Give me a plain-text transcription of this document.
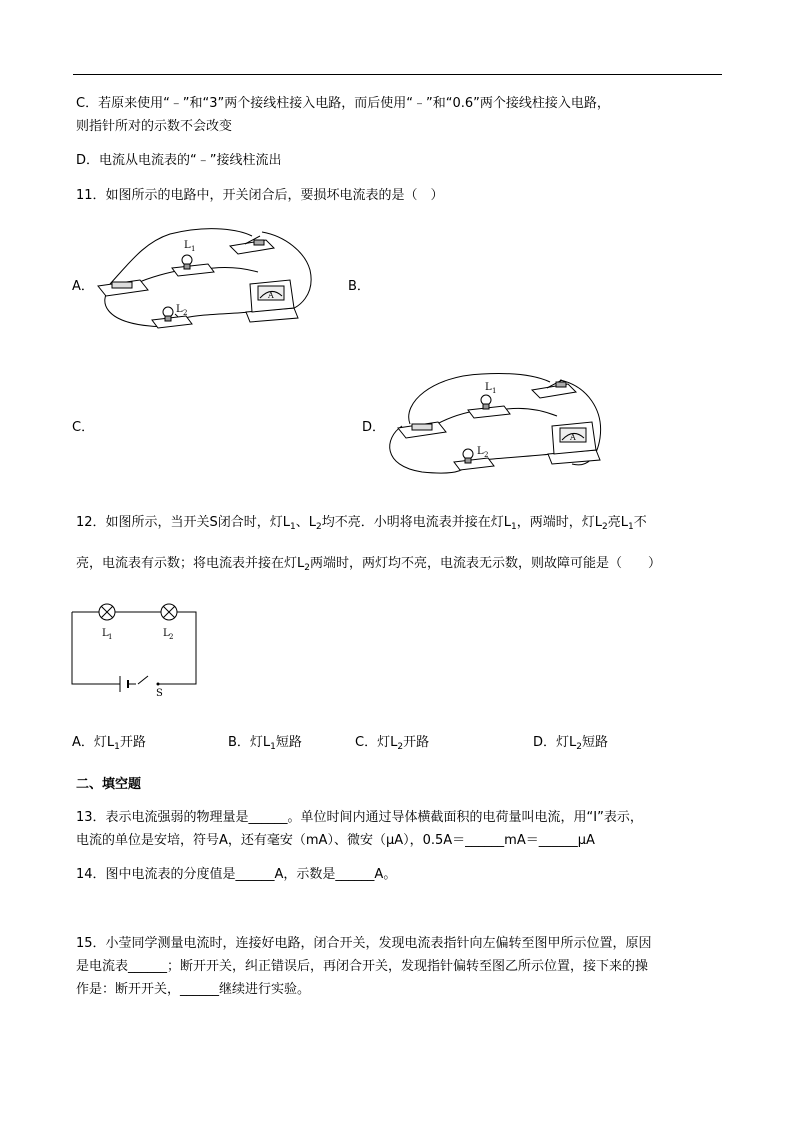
C．若原来使用“﹣”和“3”两个接线柱接入电路，而后使用“﹣”和“0.6”两个接线柱接入电路，
则指针所对的示数不会改变
D．电流从电流表的“﹣”接线柱流出
11．如图所示的电路中，开关闭合后，要损坏电流表的是（　）
A．	B．
C．	D．
L 1
L 2
A
L 1
L 2
A
12．如图所示，当开关S闭合时，灯$L_1$、$L_2$均不亮．小明将电流表并接在灯$L_1$，两端时，灯$L_2$亮$L_1$不
亮，电流表有示数；将电流表并接在灯$L_2$两端时，两灯均不亮，电流表无示数，则故障可能是（　　）
L 1	L 2
S
A．灯$L_1$开路	B．灯$L_1$短路	C．灯$L_2$开路	D．灯$L_2$短路
二、填空题
13．表示电流强弱的物理量是______。单位时间内通过导体横截面积的电荷量叫电流，用“I”表示，
电流的单位是安培，符号A，还有毫安（mA）、微安（μA），0.5A＝______mA＝______μA
14．图中电流表的分度值是______A，示数是______A。
15．小莹同学测量电流时，连接好电路，闭合开关，发现电流表指针向左偏转至图甲所示位置，原因
是电流表______；断开开关，纠正错误后，再闭合开关，发现指针偏转至图乙所示位置，接下来的操
作是：断开开关，______继续进行实验。
